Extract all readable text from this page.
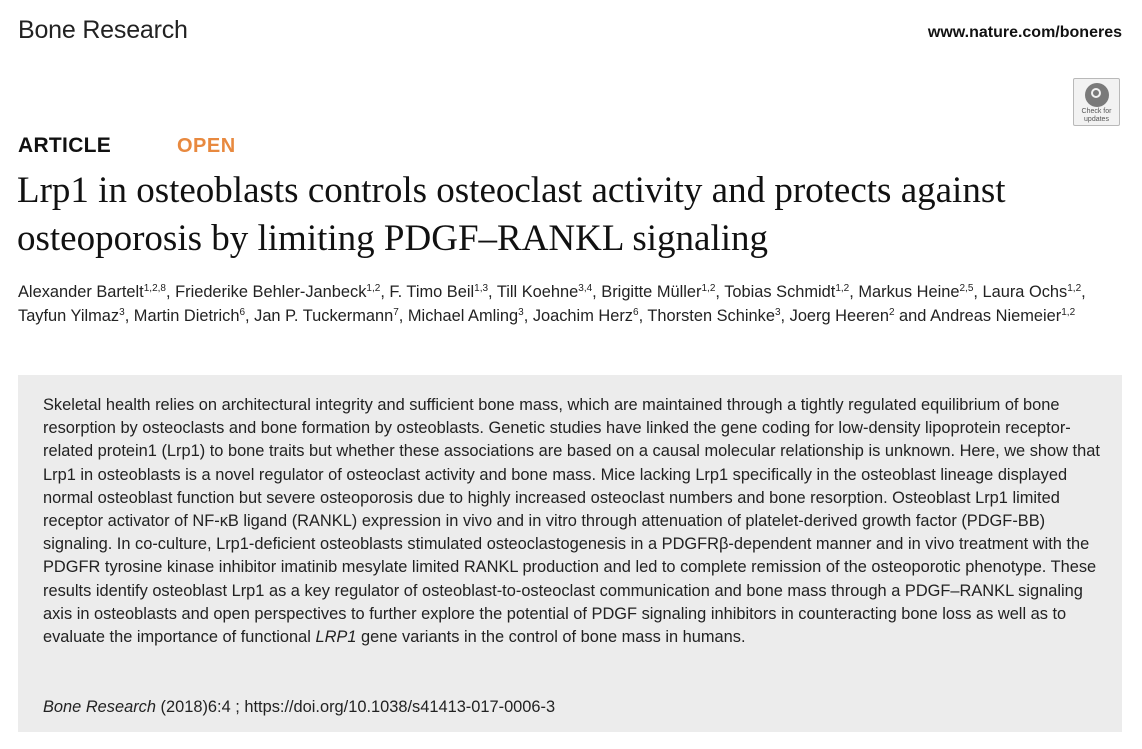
Bone Research	www.nature.com/boneres
Check for
updates
ARTICLE	OPEN
Lrp1 in osteoblasts controls osteoclast activity and protects against osteoporosis by limiting PDGF–RANKL signaling
Alexander Bartelt$^{1,2,8}$, Friederike Behler-Janbeck$^{1,2}$, F. Timo Beil$^{1,3}$, Till Koehne$^{3,4}$, Brigitte Müller$^{1,2}$, Tobias Schmidt$^{1,2}$, Markus Heine$^{2,5}$, Laura Ochs$^{1,2}$, Tayfun Yilmaz$^3$, Martin Dietrich$^6$, Jan P. Tuckermann$^7$, Michael Amling$^3$, Joachim Herz$^6$, Thorsten Schinke$^3$, Joerg Heeren$^2$ and Andreas Niemeier$^{1,2}$

Skeletal health relies on architectural integrity and sufficient bone mass, which are maintained through a tightly regulated equilibrium of bone resorption by osteoclasts and bone formation by osteoblasts. Genetic studies have linked the gene coding for low-density lipoprotein receptor-related protein1 (Lrp1) to bone traits but whether these associations are based on a causal molecular relationship is unknown. Here, we show that Lrp1 in osteoblasts is a novel regulator of osteoclast activity and bone mass. Mice lacking Lrp1 specifically in the osteoblast lineage displayed normal osteoblast function but severe osteoporosis due to highly increased osteoclast numbers and bone resorption. Osteoblast Lrp1 limited receptor activator of NF-κB ligand (RANKL) expression in vivo and in vitro through attenuation of platelet-derived growth factor (PDGF-BB) signaling. In co-culture, Lrp1-deficient osteoblasts stimulated osteoclastogenesis in a PDGFRβ-dependent manner and in vivo treatment with the PDGFR tyrosine kinase inhibitor imatinib mesylate limited RANKL production and led to complete remission of the osteoporotic phenotype. These results identify osteoblast Lrp1 as a key regulator of osteoblast-to-osteoclast communication and bone mass through a PDGF–RANKL signaling axis in osteoblasts and open perspectives to further explore the potential of PDGF signaling inhibitors in counteracting bone loss as well as to evaluate the importance of functional LRP1 gene variants in the control of bone mass in humans.

Bone Research (2018)6:4 ; https://doi.org/10.1038/s41413-017-0006-3
